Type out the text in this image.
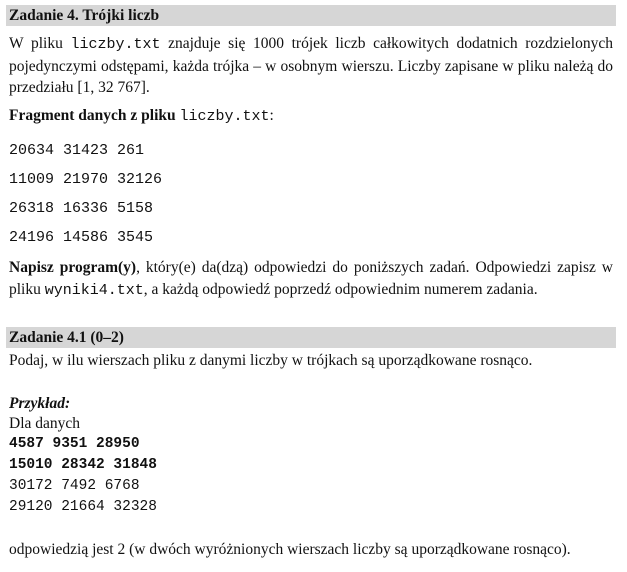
Zadanie 4. Trójki liczb
W pliku liczby.txt znajduje się 1000 trójek liczb całkowitych dodatnich rozdzielonych pojedynczymi odstępami, każda trójka – w osobnym wierszu. Liczby zapisane w pliku należą do przedziału [1, 32 767].
Fragment danych z pliku liczby.txt:
20634 31423 261
11009 21970 32126
26318 16336 5158
24196 14586 3545
Napisz program(y), który(e) da(dzą) odpowiedzi do poniższych zadań. Odpowiedzi zapisz w pliku wyniki4.txt, a każdą odpowiedź poprzedź odpowiednim numerem zadania.
Zadanie 4.1 (0–2)
Podaj, w ilu wierszach pliku z danymi liczby w trójkach są uporządkowane rosnąco.
Przykład:
Dla danych
4587 9351 28950
15010 28342 31848
30172 7492 6768
29120 21664 32328
odpowiedzią jest 2 (w dwóch wyróżnionych wierszach liczby są uporządkowane rosnąco).
